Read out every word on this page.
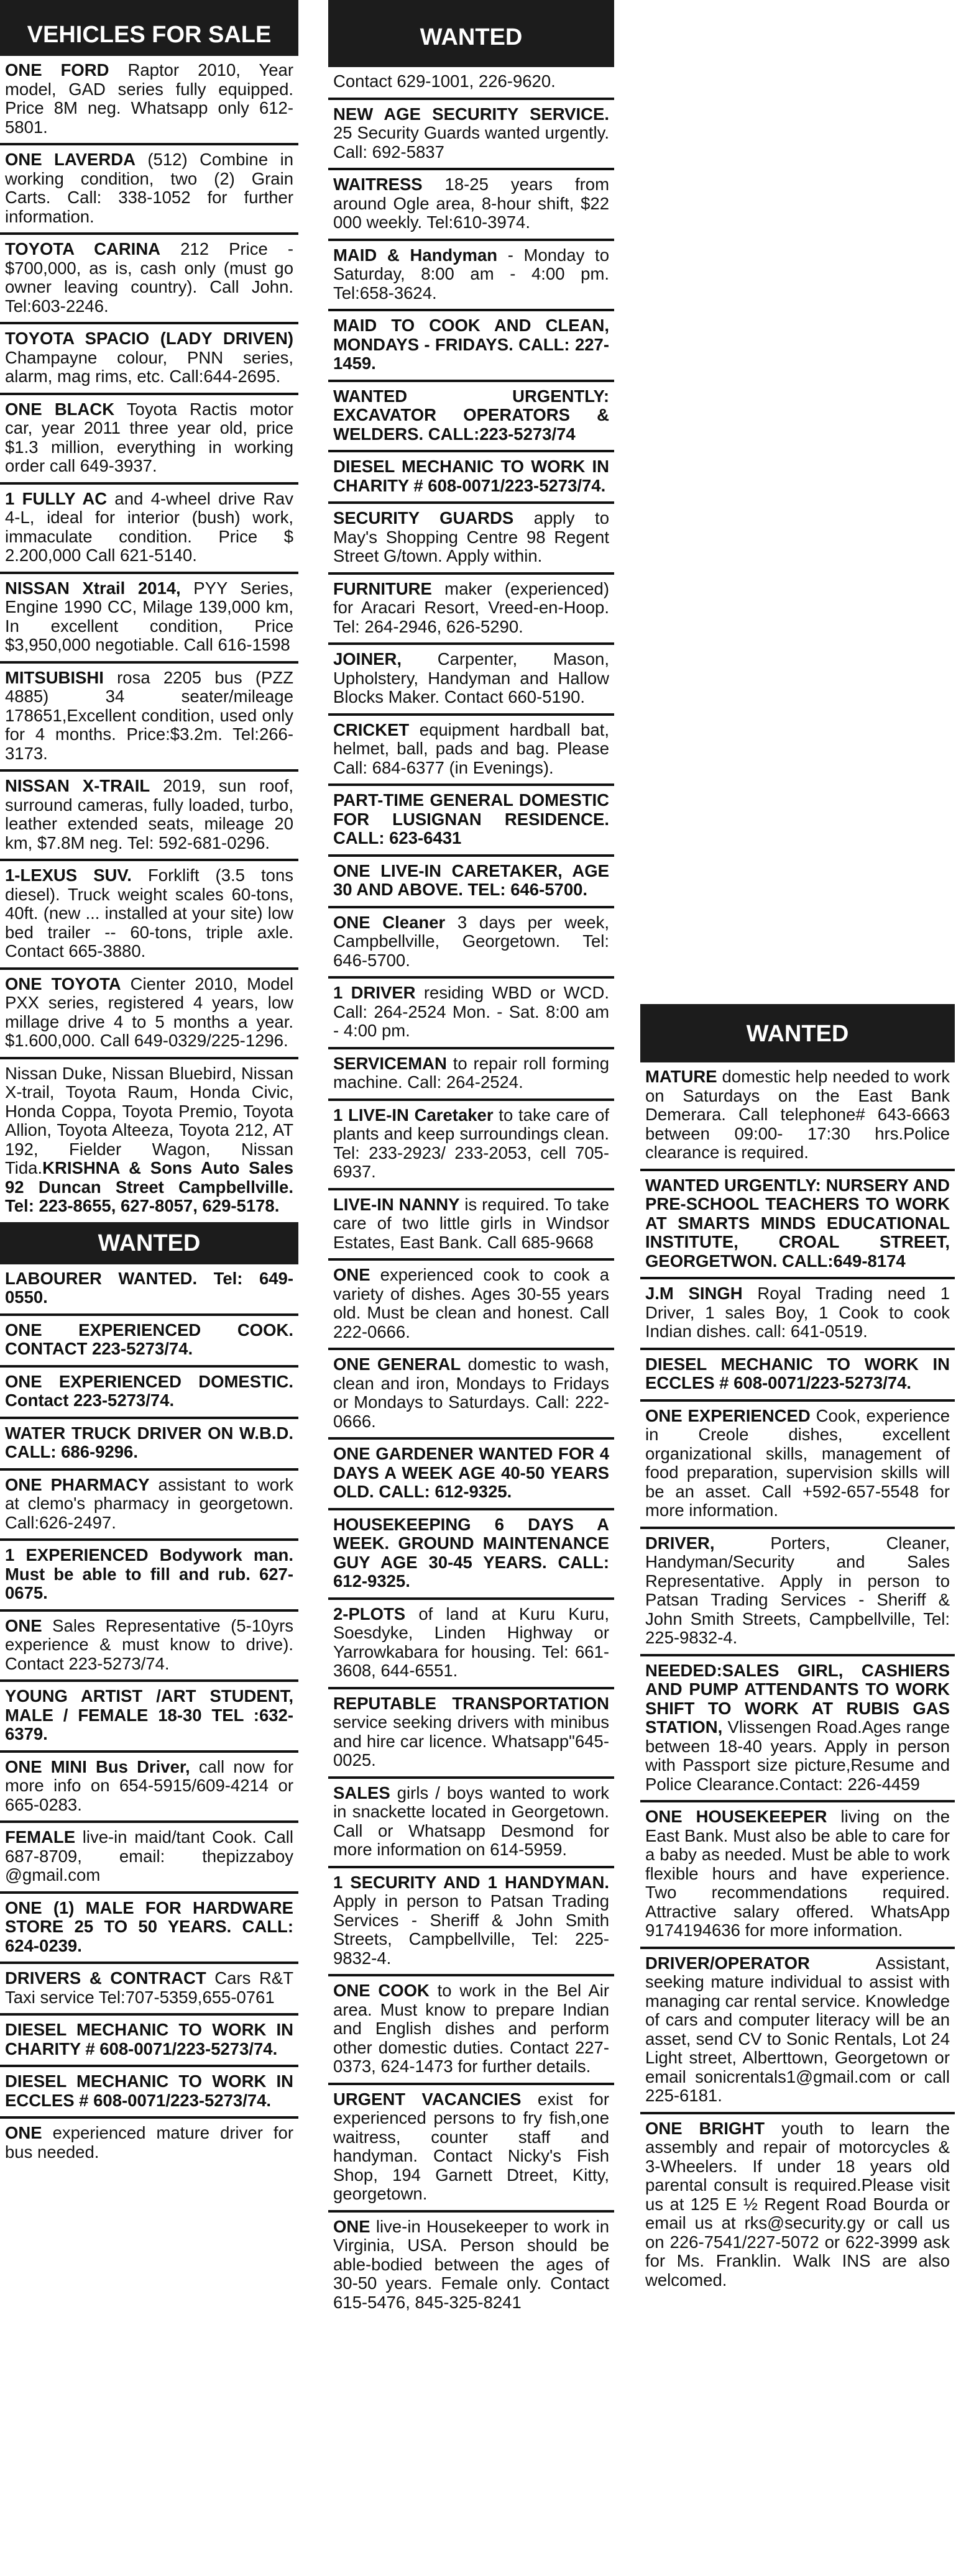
VEHICLES FOR SALE
ONE FORD Raptor 2010, Year model, GAD series fully equipped. Price 8M neg. Whatsapp only 612-5801.
ONE LAVERDA (512) Combine in working condition, two (2) Grain Carts. Call: 338-1052 for further information.
TOYOTA CARINA 212 Price - $700,000, as is, cash only (must go owner leaving country). Call John. Tel:603-2246.
TOYOTA SPACIO (LADY DRIVEN) Champayne colour, PNN series, alarm, mag rims, etc. Call:644-2695.
ONE BLACK Toyota Ractis motor car, year 2011 three year old, price $1.3 million, everything in working order call 649-3937.
1 FULLY AC and 4-wheel drive Rav 4-L, ideal for interior (bush) work, immaculate condition. Price $ 2.200,000 Call 621-5140.
NISSAN Xtrail 2014, PYY Series, Engine 1990 CC, Milage 139,000 km, In excellent condition, Price $3,950,000 negotiable. Call 616-1598
MITSUBISHI rosa 2205 bus (PZZ 4885) 34 seater/mileage 178651,Excellent condition, used only for 4 months. Price:$3.2m. Tel:266-3173.
NISSAN X-TRAIL 2019, sun roof, surround cameras, fully loaded, turbo, leather extended seats, mileage 20 km, $7.8M neg. Tel: 592-681-0296.
1-LEXUS SUV. Forklift (3.5 tons diesel). Truck weight scales 60-tons, 40ft. (new ... installed at your site) low bed trailer -- 60-tons, triple axle. Contact 665-3880.
ONE TOYOTA Cienter 2010, Model PXX series, registered 4 years, low millage drive 4 to 5 months a year. $1.600,000. Call 649-0329/225-1296.
Nissan Duke, Nissan Bluebird, Nissan X-trail, Toyota Raum, Honda Civic, Honda Coppa, Toyota Premio, Toyota Allion, Toyota Alteeza, Toyota 212, AT 192, Fielder Wagon, Nissan Tida.KRISHNA & Sons Auto Sales 92 Duncan Street Campbellville. Tel: 223-8655, 627-8057, 629-5178.
WANTED
LABOURER WANTED. Tel: 649-0550.
ONE EXPERIENCED COOK. CONTACT 223-5273/74.
ONE EXPERIENCED DOMESTIC. Contact 223-5273/74.
WATER TRUCK DRIVER ON W.B.D. CALL: 686-9296.
ONE PHARMACY assistant to work at clemo's pharmacy in georgetown. Call:626-2497.
1 EXPERIENCED Bodywork man. Must be able to fill and rub. 627-0675.
ONE Sales Representative (5-10yrs experience & must know to drive). Contact 223-5273/74.
YOUNG ARTIST /ART STUDENT, MALE / FEMALE 18-30 TEL :632-6379.
ONE MINI Bus Driver, call now for more info on 654-5915/609-4214 or 665-0283.
FEMALE live-in maid/tant Cook. Call 687-8709, email: thepizzaboy @gmail.com
ONE (1) MALE FOR HARDWARE STORE 25 TO 50 YEARS. CALL: 624-0239.
DRIVERS & CONTRACT Cars R&T Taxi service Tel:707-5359,655-0761
DIESEL MECHANIC TO WORK IN CHARITY # 608-0071/223-5273/74.
DIESEL MECHANIC TO WORK IN ECCLES # 608-0071/223-5273/74.
ONE experienced mature driver for bus needed.
WANTED
Contact 629-1001, 226-9620.
NEW AGE SECURITY SERVICE. 25 Security Guards wanted urgently. Call: 692-5837
WAITRESS 18-25 years from around Ogle area, 8-hour shift, $22 000 weekly. Tel:610-3974.
MAID & Handyman - Monday to Saturday, 8:00 am - 4:00 pm. Tel:658-3624.
MAID TO COOK AND CLEAN, MONDAYS - FRIDAYS. CALL: 227-1459.
WANTED URGENTLY: EXCAVATOR OPERATORS & WELDERS. CALL:223-5273/74
DIESEL MECHANIC TO WORK IN CHARITY # 608-0071/223-5273/74.
SECURITY GUARDS apply to May's Shopping Centre 98 Regent Street G/town. Apply within.
FURNITURE maker (experienced) for Aracari Resort, Vreed-en-Hoop. Tel: 264-2946, 626-5290.
JOINER, Carpenter, Mason, Upholstery, Handyman and Hallow Blocks Maker. Contact 660-5190.
CRICKET equipment hardball bat, helmet, ball, pads and bag. Please Call: 684-6377 (in Evenings).
PART-TIME GENERAL DOMESTIC FOR LUSIGNAN RESIDENCE. CALL: 623-6431
ONE LIVE-IN CARETAKER, AGE 30 AND ABOVE. TEL: 646-5700.
ONE Cleaner 3 days per week, Campbellville, Georgetown. Tel: 646-5700.
1 DRIVER residing WBD or WCD. Call: 264-2524 Mon. - Sat. 8:00 am - 4:00 pm.
SERVICEMAN to repair roll forming machine. Call: 264-2524.
1 LIVE-IN Caretaker to take care of plants and keep surroundings clean. Tel: 233-2923/ 233-2053, cell 705-6937.
LIVE-IN NANNY is required. To take care of two little girls in Windsor Estates, East Bank. Call 685-9668
ONE experienced cook to cook a variety of dishes. Ages 30-55 years old. Must be clean and honest. Call 222-0666.
ONE GENERAL domestic to wash, clean and iron, Mondays to Fridays or Mondays to Saturdays. Call: 222-0666.
ONE GARDENER WANTED FOR 4 DAYS A WEEK AGE 40-50 YEARS OLD. CALL: 612-9325.
HOUSEKEEPING 6 DAYS A WEEK. GROUND MAINTENANCE GUY AGE 30-45 YEARS. CALL: 612-9325.
2-PLOTS of land at Kuru Kuru, Soesdyke, Linden Highway or Yarrowkabara for housing. Tel: 661-3608, 644-6551.
REPUTABLE TRANSPORTATION service seeking drivers with minibus and hire car licence. Whatsapp"645-0025.
SALES girls / boys wanted to work in snackette located in Georgetown. Call or Whatsapp Desmond for more information on 614-5959.
1 SECURITY AND 1 HANDYMAN. Apply in person to Patsan Trading Services - Sheriff & John Smith Streets, Campbellville, Tel: 225-9832-4.
ONE COOK to work in the Bel Air area. Must know to prepare Indian and English dishes and perform other domestic duties. Contact 227-0373, 624-1473 for further details.
URGENT VACANCIES exist for experienced persons to fry fish,one waitress, counter staff and handyman. Contact Nicky's Fish Shop, 194 Garnett Dtreet, Kitty, georgetown.
ONE live-in Housekeeper to work in Virginia, USA. Person should be able-bodied between the ages of 30-50 years. Female only. Contact 615-5476, 845-325-8241
WANTED
MATURE domestic help needed to work on Saturdays on the East Bank Demerara. Call telephone# 643-6663 between 09:00- 17:30 hrs.Police clearance is required.
WANTED URGENTLY: NURSERY AND PRE-SCHOOL TEACHERS TO WORK AT SMARTS MINDS EDUCATIONAL INSTITUTE, CROAL STREET, GEORGETWON. CALL:649-8174
J.M SINGH Royal Trading need 1 Driver, 1 sales Boy, 1 Cook to cook Indian dishes. call: 641-0519.
DIESEL MECHANIC TO WORK IN ECCLES # 608-0071/223-5273/74.
ONE EXPERIENCED Cook, experience in Creole dishes, excellent organizational skills, management of food preparation, supervision skills will be an asset. Call +592-657-5548 for more information.
DRIVER, Porters, Cleaner, Handyman/Security and Sales Representative. Apply in person to Patsan Trading Services - Sheriff & John Smith Streets, Campbellville, Tel: 225-9832-4.
NEEDED:SALES GIRL, CASHIERS AND PUMP ATTENDANTS TO WORK SHIFT TO WORK AT RUBIS GAS STATION, Vlissengen Road.Ages range between 18-40 years. Apply in person with Passport size picture,Resume and Police Clearance.Contact: 226-4459
ONE HOUSEKEEPER living on the East Bank. Must also be able to care for a baby as needed. Must be able to work flexible hours and have experience. Two recommendations required. Attractive salary offered. WhatsApp 9174194636 for more information.
DRIVER/OPERATOR Assistant, seeking mature individual to assist with managing car rental service. Knowledge of cars and computer literacy will be an asset, send CV to Sonic Rentals, Lot 24 Light street, Alberttown, Georgetown or email sonicrentals1@gmail.com or call 225-6181.
ONE BRIGHT youth to learn the assembly and repair of motorcycles & 3-Wheelers. If under 18 years old parental consult is required.Please visit us at 125 E ½ Regent Road Bourda or email us at rks@security.gy or call us on 226-7541/227-5072 or 622-3999 ask for Ms. Franklin. Walk INS are also welcomed.
